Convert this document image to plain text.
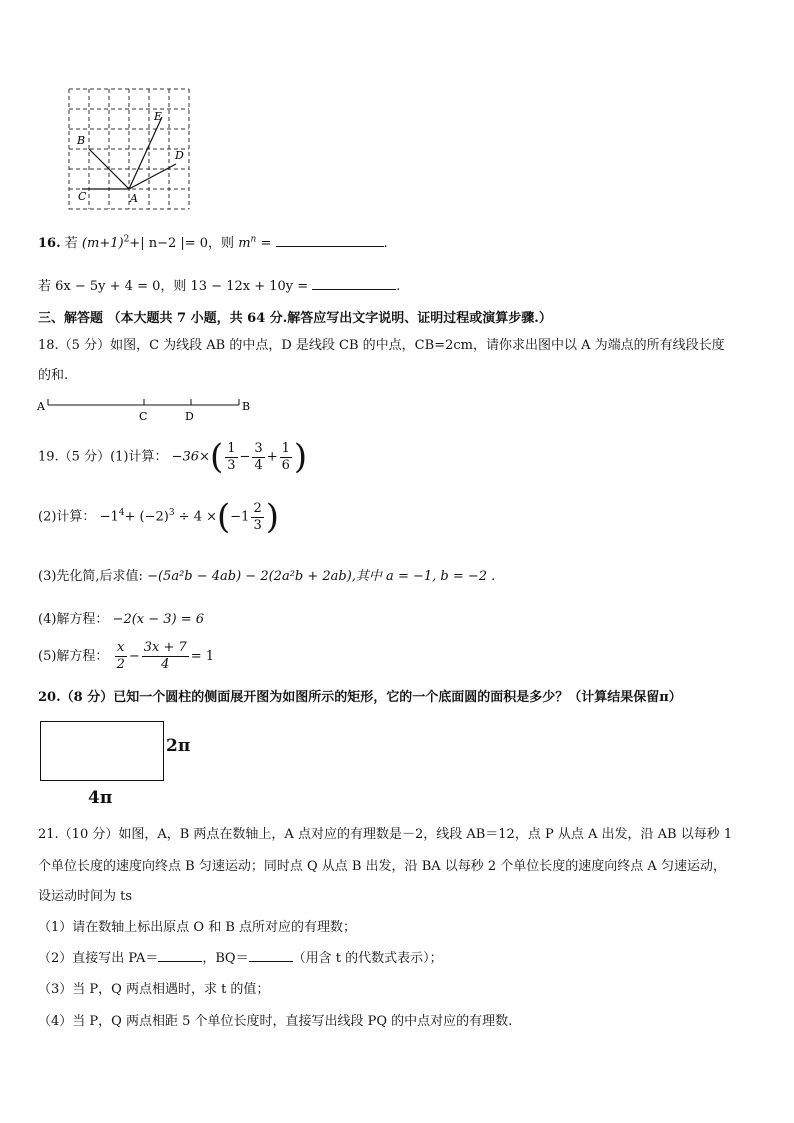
B
E
D
C	A
16. 若 $(m+1)^2+|$ n−2 |= 0，则 $m^n$ =	.
若 6x − 5y + 4 = 0，则 13 − 12x + 10y =	.
三、解答题 （本大题共 7 小题，共 64 分.解答应写出文字说明、证明过程或演算步骤.）
18.（5 分）如图，C 为线段 AB 的中点，D 是线段 CB 的中点，CB=2cm，请你求出图中以 A 为端点的所有线段长度
的和.
A
C	D
B
19.（5 分）(1)计算： $-36\times( \frac{1}{3} - \frac{3}{4} + \frac{1}{6}$ )
(2)计算： $-1^4+ (-2)^3 \div 4 \times(-1 \frac{2}{3}$ )
(3)先化简,后求值: −(5a²b − 4ab) − 2(2a²b + 2ab),其中 a = −1, b = −2 .
(4)解方程： −2(x − 3) = 6
(5)解方程： $\frac{x}{2} - \frac{3x + 7}{4} = 1$
20.（8 分）已知一个圆柱的侧面展开图为如图所示的矩形，它的一个底面圆的面积是多少？（计算结果保留π）
2π
4π
21.（10 分）如图，A，B 两点在数轴上，A 点对应的有理数是－2，线段 AB＝12，点 P 从点 A 出发，沿 AB 以每秒 1
个单位长度的速度向终点 B 匀速运动；同时点 Q 从点 B 出发，沿 BA 以每秒 2 个单位长度的速度向终点 A 匀速运动，
设运动时间为 ts
（1）请在数轴上标出原点 O 和 B 点所对应的有理数；
（2）直接写出 PA＝	，BQ＝	（用含 t 的代数式表示）；
（3）当 P，Q 两点相遇时，求 t 的值；
（4）当 P，Q 两点相距 5 个单位长度时，直接写出线段 PQ 的中点对应的有理数.
